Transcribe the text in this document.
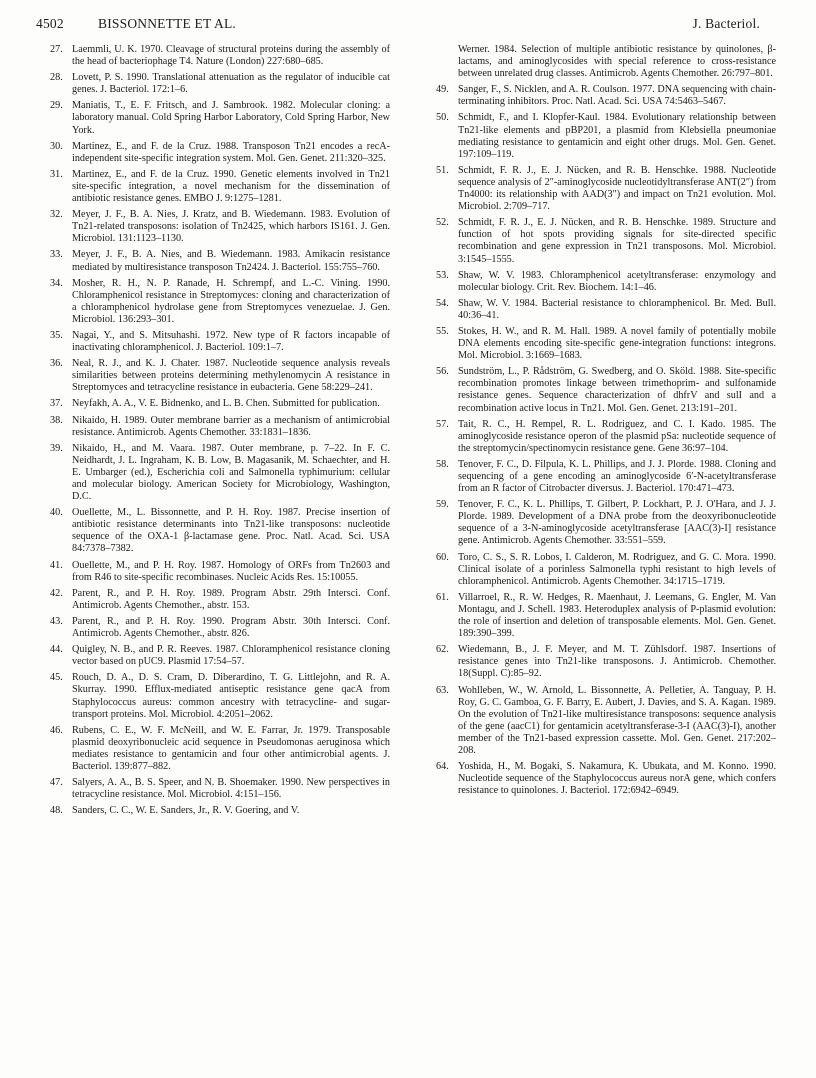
4502	BISSONNETTE ET AL.	J. Bacteriol.
27. Laemmli, U. K. 1970. Cleavage of structural proteins during the assembly of the head of bacteriophage T4. Nature (London) 227:680–685.
28. Lovett, P. S. 1990. Translational attenuation as the regulator of inducible cat genes. J. Bacteriol. 172:1–6.
29. Maniatis, T., E. F. Fritsch, and J. Sambrook. 1982. Molecular cloning: a laboratory manual. Cold Spring Harbor Laboratory, Cold Spring Harbor, New York.
30. Martinez, E., and F. de la Cruz. 1988. Transposon Tn21 encodes a recA-independent site-specific integration system. Mol. Gen. Genet. 211:320–325.
31. Martinez, E., and F. de la Cruz. 1990. Genetic elements involved in Tn21 site-specific integration, a novel mechanism for the dissemination of antibiotic resistance genes. EMBO J. 9:1275–1281.
32. Meyer, J. F., B. A. Nies, J. Kratz, and B. Wiedemann. 1983. Evolution of Tn21-related transposons: isolation of Tn2425, which harbors IS161. J. Gen. Microbiol. 131:1123–1130.
33. Meyer, J. F., B. A. Nies, and B. Wiedemann. 1983. Amikacin resistance mediated by multiresistance transposon Tn2424. J. Bacteriol. 155:755–760.
34. Mosher, R. H., N. P. Ranade, H. Schrempf, and L.-C. Vining. 1990. Chloramphenicol resistance in Streptomyces: cloning and characterization of a chloramphenicol hydrolase gene from Streptomyces venezuelae. J. Gen. Microbiol. 136:293–301.
35. Nagai, Y., and S. Mitsuhashi. 1972. New type of R factors incapable of inactivating chloramphenicol. J. Bacteriol. 109:1–7.
36. Neal, R. J., and K. J. Chater. 1987. Nucleotide sequence analysis reveals similarities between proteins determining methylenomycin A resistance in Streptomyces and tetracycline resistance in eubacteria. Gene 58:229–241.
37. Neyfakh, A. A., V. E. Bidnenko, and L. B. Chen. Submitted for publication.
38. Nikaido, H. 1989. Outer membrane barrier as a mechanism of antimicrobial resistance. Antimicrob. Agents Chemother. 33:1831–1836.
39. Nikaido, H., and M. Vaara. 1987. Outer membrane, p. 7–22. In F. C. Neidhardt, J. L. Ingraham, K. B. Low, B. Magasanik, M. Schaechter, and H. E. Umbarger (ed.), Escherichia coli and Salmonella typhimurium: cellular and molecular biology. American Society for Microbiology, Washington, D.C.
40. Ouellette, M., L. Bissonnette, and P. H. Roy. 1987. Precise insertion of antibiotic resistance determinants into Tn21-like transposons: nucleotide sequence of the OXA-1 β-lactamase gene. Proc. Natl. Acad. Sci. USA 84:7378–7382.
41. Ouellette, M., and P. H. Roy. 1987. Homology of ORFs from Tn2603 and from R46 to site-specific recombinases. Nucleic Acids Res. 15:10055.
42. Parent, R., and P. H. Roy. 1989. Program Abstr. 29th Intersci. Conf. Antimicrob. Agents Chemother., abstr. 153.
43. Parent, R., and P. H. Roy. 1990. Program Abstr. 30th Intersci. Conf. Antimicrob. Agents Chemother., abstr. 826.
44. Quigley, N. B., and P. R. Reeves. 1987. Chloramphenicol resistance cloning vector based on pUC9. Plasmid 17:54–57.
45. Rouch, D. A., D. S. Cram, D. Diberardino, T. G. Littlejohn, and R. A. Skurray. 1990. Efflux-mediated antiseptic resistance gene qacA from Staphylococcus aureus: common ancestry with tetracycline- and sugar-transport proteins. Mol. Microbiol. 4:2051–2062.
46. Rubens, C. E., W. F. McNeill, and W. E. Farrar, Jr. 1979. Transposable plasmid deoxyribonucleic acid sequence in Pseudomonas aeruginosa which mediates resistance to gentamicin and four other antimicrobial agents. J. Bacteriol. 139:877–882.
47. Salyers, A. A., B. S. Speer, and N. B. Shoemaker. 1990. New perspectives in tetracycline resistance. Mol. Microbiol. 4:151–156.
48. Sanders, C. C., W. E. Sanders, Jr., R. V. Goering, and V.
Werner. 1984. Selection of multiple antibiotic resistance by quinolones, β-lactams, and aminoglycosides with special reference to cross-resistance between unrelated drug classes. Antimicrob. Agents Chemother. 26:797–801.
49. Sanger, F., S. Nicklen, and A. R. Coulson. 1977. DNA sequencing with chain-terminating inhibitors. Proc. Natl. Acad. Sci. USA 74:5463–5467.
50. Schmidt, F., and I. Klopfer-Kaul. 1984. Evolutionary relationship between Tn21-like elements and pBP201, a plasmid from Klebsiella pneumoniae mediating resistance to gentamicin and eight other drugs. Mol. Gen. Genet. 197:109–119.
51. Schmidt, F. R. J., E. J. Nücken, and R. B. Henschke. 1988. Nucleotide sequence analysis of 2″-aminoglycoside nucleotidyltransferase ANT(2″) from Tn4000: its relationship with AAD(3″) and impact on Tn21 evolution. Mol. Microbiol. 2:709–717.
52. Schmidt, F. R. J., E. J. Nücken, and R. B. Henschke. 1989. Structure and function of hot spots providing signals for site-directed specific recombination and gene expression in Tn21 transposons. Mol. Microbiol. 3:1545–1555.
53. Shaw, W. V. 1983. Chloramphenicol acetyltransferase: enzymology and molecular biology. Crit. Rev. Biochem. 14:1–46.
54. Shaw, W. V. 1984. Bacterial resistance to chloramphenicol. Br. Med. Bull. 40:36–41.
55. Stokes, H. W., and R. M. Hall. 1989. A novel family of potentially mobile DNA elements encoding site-specific gene-integration functions: integrons. Mol. Microbiol. 3:1669–1683.
56. Sundström, L., P. Rådström, G. Swedberg, and O. Sköld. 1988. Site-specific recombination promotes linkage between trimethoprim- and sulfonamide resistance genes. Sequence characterization of dhfrV and sulI and a recombination active locus in Tn21. Mol. Gen. Genet. 213:191–201.
57. Tait, R. C., H. Rempel, R. L. Rodriguez, and C. I. Kado. 1985. The aminoglycoside resistance operon of the plasmid pSa: nucleotide sequence of the streptomycin/spectinomycin resistance gene. Gene 36:97–104.
58. Tenover, F. C., D. Filpula, K. L. Phillips, and J. J. Plorde. 1988. Cloning and sequencing of a gene encoding an aminoglycoside 6′-N-acetyltransferase from an R factor of Citrobacter diversus. J. Bacteriol. 170:471–473.
59. Tenover, F. C., K. L. Phillips, T. Gilbert, P. Lockhart, P. J. O'Hara, and J. J. Plorde. 1989. Development of a DNA probe from the deoxyribonucleotide sequence of a 3-N-aminoglycoside acetyltransferase [AAC(3)-I] resistance gene. Antimicrob. Agents Chemother. 33:551–559.
60. Toro, C. S., S. R. Lobos, I. Calderon, M. Rodriguez, and G. C. Mora. 1990. Clinical isolate of a porinless Salmonella typhi resistant to high levels of chloramphenicol. Antimicrob. Agents Chemother. 34:1715–1719.
61. Villarroel, R., R. W. Hedges, R. Maenhaut, J. Leemans, G. Engler, M. Van Montagu, and J. Schell. 1983. Heteroduplex analysis of P-plasmid evolution: the role of insertion and deletion of transposable elements. Mol. Gen. Genet. 189:390–399.
62. Wiedemann, B., J. F. Meyer, and M. T. Zühlsdorf. 1987. Insertions of resistance genes into Tn21-like transposons. J. Antimicrob. Chemother. 18(Suppl. C):85–92.
63. Wohlleben, W., W. Arnold, L. Bissonnette, A. Pelletier, A. Tanguay, P. H. Roy, G. C. Gamboa, G. F. Barry, E. Aubert, J. Davies, and S. A. Kagan. 1989. On the evolution of Tn21-like multiresistance transposons: sequence analysis of the gene (aacC1) for gentamicin acetyltransferase-3-I (AAC(3)-I), another member of the Tn21-based expression cassette. Mol. Gen. Genet. 217:202–208.
64. Yoshida, H., M. Bogaki, S. Nakamura, K. Ubukata, and M. Konno. 1990. Nucleotide sequence of the Staphylococcus aureus norA gene, which confers resistance to quinolones. J. Bacteriol. 172:6942–6949.
